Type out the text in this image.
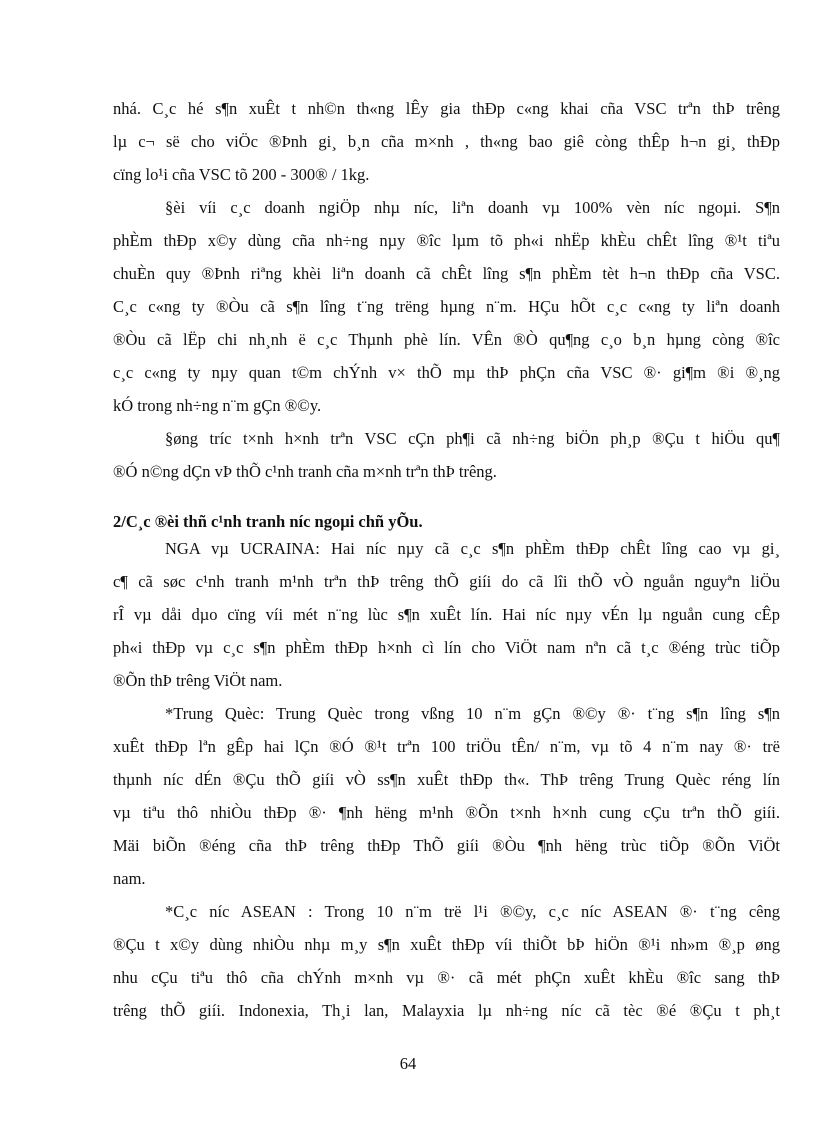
nhá. C¸c hé s¶n xuÊt t nh©n th«ng lÊy gia thÐp c«ng khai cña VSC trªn thÞ trêng
lµ c¬ së cho viÖc ®Þnh gi¸ b¸n cña m×nh , th«ng bao giê còng thÊp h¬n gi¸ thÐp
cïng lo¹i cña VSC tõ 200 - 300® / 1kg.
§èi víi c¸c doanh ngiÖp nhµ níc, liªn doanh vµ 100% vèn níc ngoµi. S¶n
phÈm thÐp x©y dùng cña nh÷ng nµy ®îc lµm tõ ph«i nhËp khÈu chÊt lîng ®¹t tiªu
chuÈn quy ®Þnh riªng khèi liªn doanh cã chÊt lîng s¶n phÈm tèt h¬n thÐp cña VSC.
C¸c c«ng ty ®Òu cã s¶n lîng t¨ng trëng hµng n¨m. HÇu hÕt c¸c c«ng ty liªn doanh
®Òu cã lËp chi nh¸nh ë c¸c Thµnh phè lín. VÊn ®Ò qu¶ng c¸o b¸n hµng còng ®îc
c¸c c«ng ty nµy quan t©m chÝnh v× thÕ mµ thÞ phÇn cña VSC ®· gi¶m ®i ®¸ng
kÓ trong nh÷ng n¨m gÇn ®©y.
§øng tríc t×nh h×nh trªn VSC cÇn ph¶i cã nh÷ng biÖn ph¸p ®Çu t hiÖu qu¶
®Ó n©ng dÇn vÞ thÕ c¹nh tranh cña m×nh trªn thÞ trêng.
2/C¸c ®èi thñ c¹nh tranh níc ngoµi chñ yÕu.
NGA vµ UCRAINA: Hai níc nµy cã c¸c s¶n phÈm thÐp chÊt lîng cao vµ gi¸
c¶ cã søc c¹nh tranh m¹nh trªn thÞ trêng thÕ giíi do cã lîi thÕ vÒ nguån nguyªn liÖu
rÎ vµ dåi dµo cïng víi mét n¨ng lùc s¶n xuÊt lín. Hai níc nµy vÉn lµ nguån cung cÊp
ph«i thÐp vµ c¸c s¶n phÈm thÐp h×nh cì lín cho ViÖt nam nªn cã t¸c ®éng trùc tiÕp
®Õn thÞ trêng ViÖt nam.
*Trung Quèc: Trung Quèc trong vßng 10 n¨m gÇn ®©y ®· t¨ng s¶n lîng s¶n
xuÊt thÐp lªn gÊp hai lÇn ®Ó ®¹t trªn 100 triÖu tÊn/ n¨m, vµ tõ 4 n¨m nay ®· trë
thµnh níc dÉn ®Çu thÕ giíi vÒ ss¶n xuÊt thÐp th«. ThÞ trêng Trung Quèc réng lín
vµ tiªu thô nhiÒu thÐp ®· ¶nh hëng m¹nh ®Õn t×nh h×nh cung cÇu trªn thÕ giíi.
Mäi biÕn ®éng cña thÞ trêng thÐp ThÕ giíi ®Òu ¶nh hëng trùc tiÕp ®Õn ViÖt
nam.
*C¸c níc ASEAN : Trong 10 n¨m trë l¹i ®©y, c¸c níc ASEAN ®· t¨ng cêng
®Çu t x©y dùng nhiÒu nhµ m¸y s¶n xuÊt thÐp víi thiÕt bÞ hiÖn ®¹i nh»m ®¸p øng
nhu cÇu tiªu thô cña chÝnh m×nh vµ ®· cã mét phÇn xuÊt khÈu ®îc sang thÞ
trêng thÕ giíi. Indonexia, Th¸i lan, Malayxia lµ nh÷ng níc cã tèc ®é ®Çu t ph¸t
64
